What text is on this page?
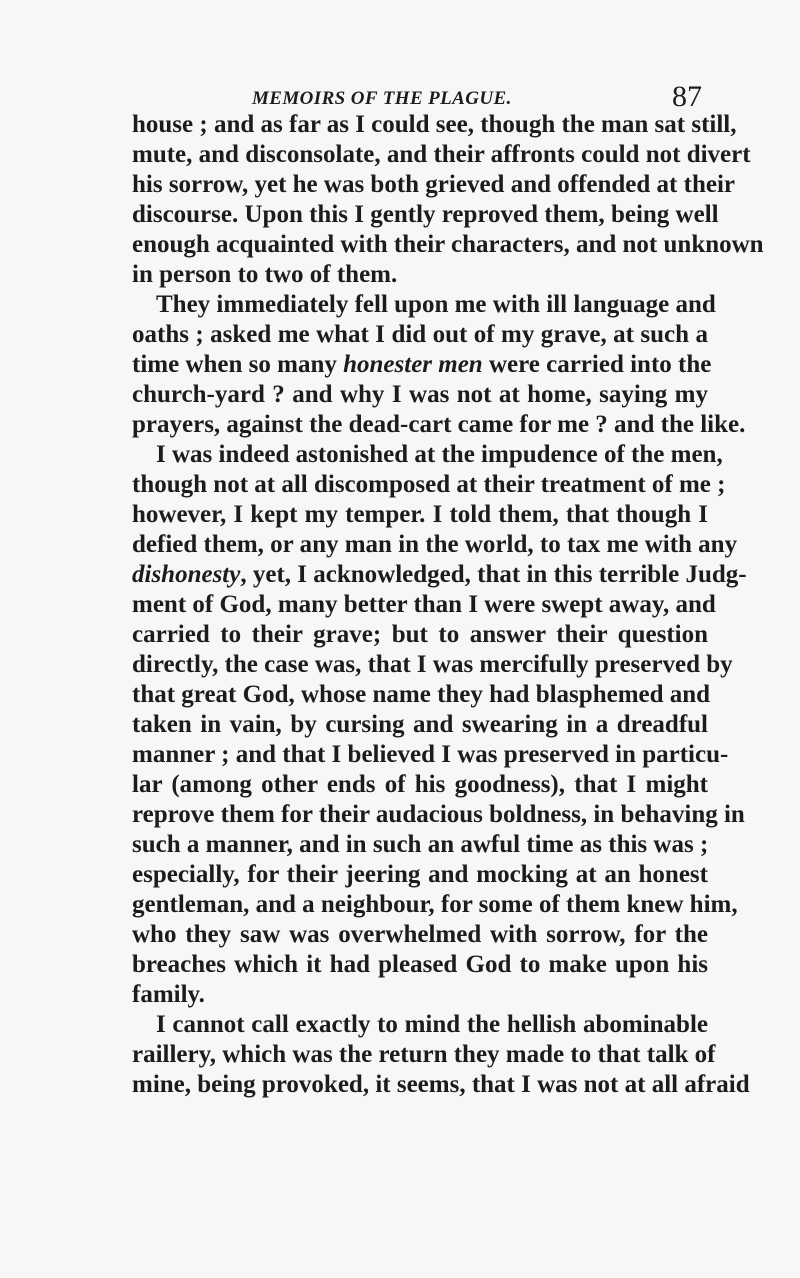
MEMOIRS OF THE PLAGUE.	87
house ; and as far as I could see, though the man sat still,
mute, and disconsolate, and their affronts could not divert
his sorrow, yet he was both grieved and offended at their
discourse. Upon this I gently reproved them, being well
enough acquainted with their characters, and not unknown
in person to two of them.
They immediately fell upon me with ill language and
oaths ; asked me what I did out of my grave, at such a
time when so many honester men were carried into the
church-yard ? and why I was not at home, saying my
prayers, against the dead-cart came for me ? and the like.
I was indeed astonished at the impudence of the men,
though not at all discomposed at their treatment of me ;
however, I kept my temper. I told them, that though I
defied them, or any man in the world, to tax me with any
dishonesty, yet, I acknowledged, that in this terrible Judg-
ment of God, many better than I were swept away, and
carried to their grave; but to answer their question
directly, the case was, that I was mercifully preserved by
that great God, whose name they had blasphemed and
taken in vain, by cursing and swearing in a dreadful
manner ; and that I believed I was preserved in particu-
lar (among other ends of his goodness), that I might
reprove them for their audacious boldness, in behaving in
such a manner, and in such an awful time as this was ;
especially, for their jeering and mocking at an honest
gentleman, and a neighbour, for some of them knew him,
who they saw was overwhelmed with sorrow, for the
breaches which it had pleased God to make upon his
family.
I cannot call exactly to mind the hellish abominable
raillery, which was the return they made to that talk of
mine, being provoked, it seems, that I was not at all afraid
